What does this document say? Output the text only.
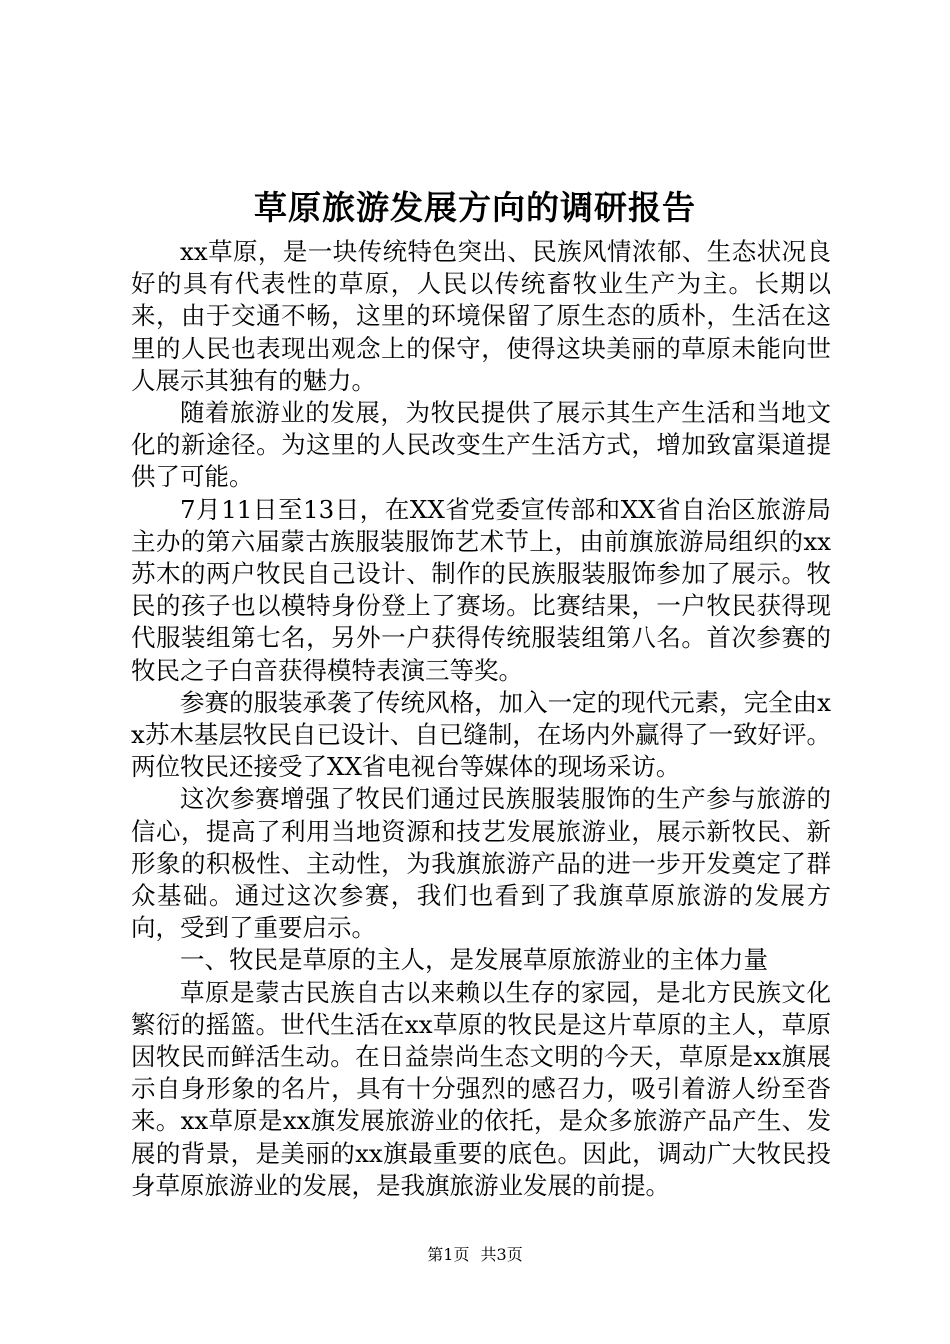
草原旅游发展方向的调研报告

xx草原，是一块传统特色突出、民族风情浓郁、生态状况良好的具有代表性的草原，人民以传统畜牧业生产为主。长期以来，由于交通不畅，这里的环境保留了原生态的质朴，生活在这里的人民也表现出观念上的保守，使得这块美丽的草原未能向世人展示其独有的魅力。

随着旅游业的发展，为牧民提供了展示其生产生活和当地文化的新途径。为这里的人民改变生产生活方式，增加致富渠道提供了可能。

7月11日至13日，在XX省党委宣传部和XX省自治区旅游局主办的第六届蒙古族服装服饰艺术节上，由前旗旅游局组织的xx苏木的两户牧民自己设计、制作的民族服装服饰参加了展示。牧民的孩子也以模特身份登上了赛场。比赛结果，一户牧民获得现代服装组第七名，另外一户获得传统服装组第八名。首次参赛的牧民之子白音获得模特表演三等奖。

参赛的服装承袭了传统风格，加入一定的现代元素，完全由xx苏木基层牧民自已设计、自已缝制，在场内外赢得了一致好评。两位牧民还接受了XX省电视台等媒体的现场采访。

这次参赛增强了牧民们通过民族服装服饰的生产参与旅游的信心，提高了利用当地资源和技艺发展旅游业，展示新牧民、新形象的积极性、主动性，为我旗旅游产品的进一步开发奠定了群众基础。通过这次参赛，我们也看到了我旗草原旅游的发展方向，受到了重要启示。

一、牧民是草原的主人，是发展草原旅游业的主体力量

草原是蒙古民族自古以来赖以生存的家园，是北方民族文化繁衍的摇篮。世代生活在xx草原的牧民是这片草原的主人，草原因牧民而鲜活生动。在日益崇尚生态文明的今天，草原是xx旗展示自身形象的名片，具有十分强烈的感召力，吸引着游人纷至沓来。xx草原是xx旗发展旅游业的依托，是众多旅游产品产生、发展的背景，是美丽的xx旗最重要的底色。因此，调动广大牧民投身草原旅游业的发展，是我旗旅游业发展的前提。

第1页 共3页
